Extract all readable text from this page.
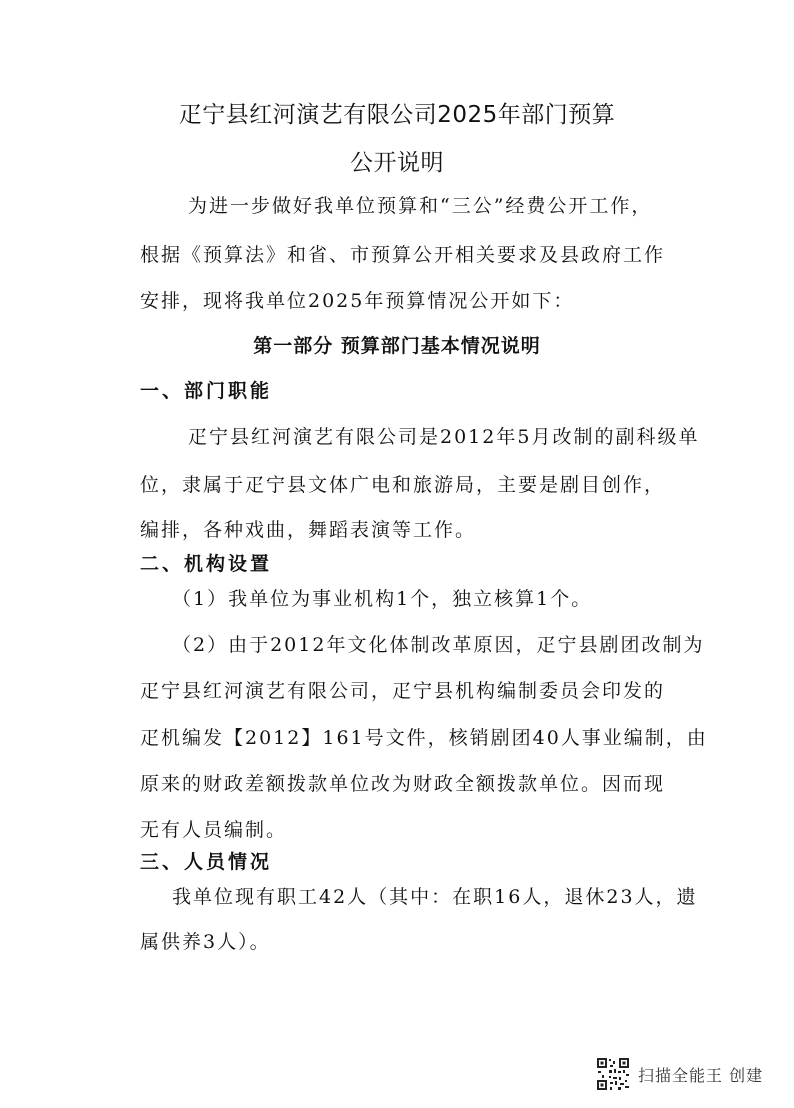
疋宁县红河演艺有限公司2025年部门预算
公开说明
为进一步做好我单位预算和“三公”经费公开工作，
根据《预算法》和省、市预算公开相关要求及县政府工作
安排，现将我单位2025年预算情况公开如下：
第一部分 预算部门基本情况说明
一、部门职能
疋宁县红河演艺有限公司是2012年5月改制的副科级单
位，隶属于疋宁县文体广电和旅游局，主要是剧目创作，
编排，各种戏曲，舞蹈表演等工作。
二、机构设置
（1）我单位为事业机构1个，独立核算1个。
（2）由于2012年文化体制改革原因，疋宁县剧团改制为
疋宁县红河演艺有限公司，疋宁县机构编制委员会印发的
疋机编发【2012】161号文件，核销剧团40人事业编制，由
原来的财政差额拨款单位改为财政全额拨款单位。因而现
无有人员编制。
三、人员情况
我单位现有职工42人（其中：在职16人，退休23人，遗
属供养3人）。
扫描全能王 创建
